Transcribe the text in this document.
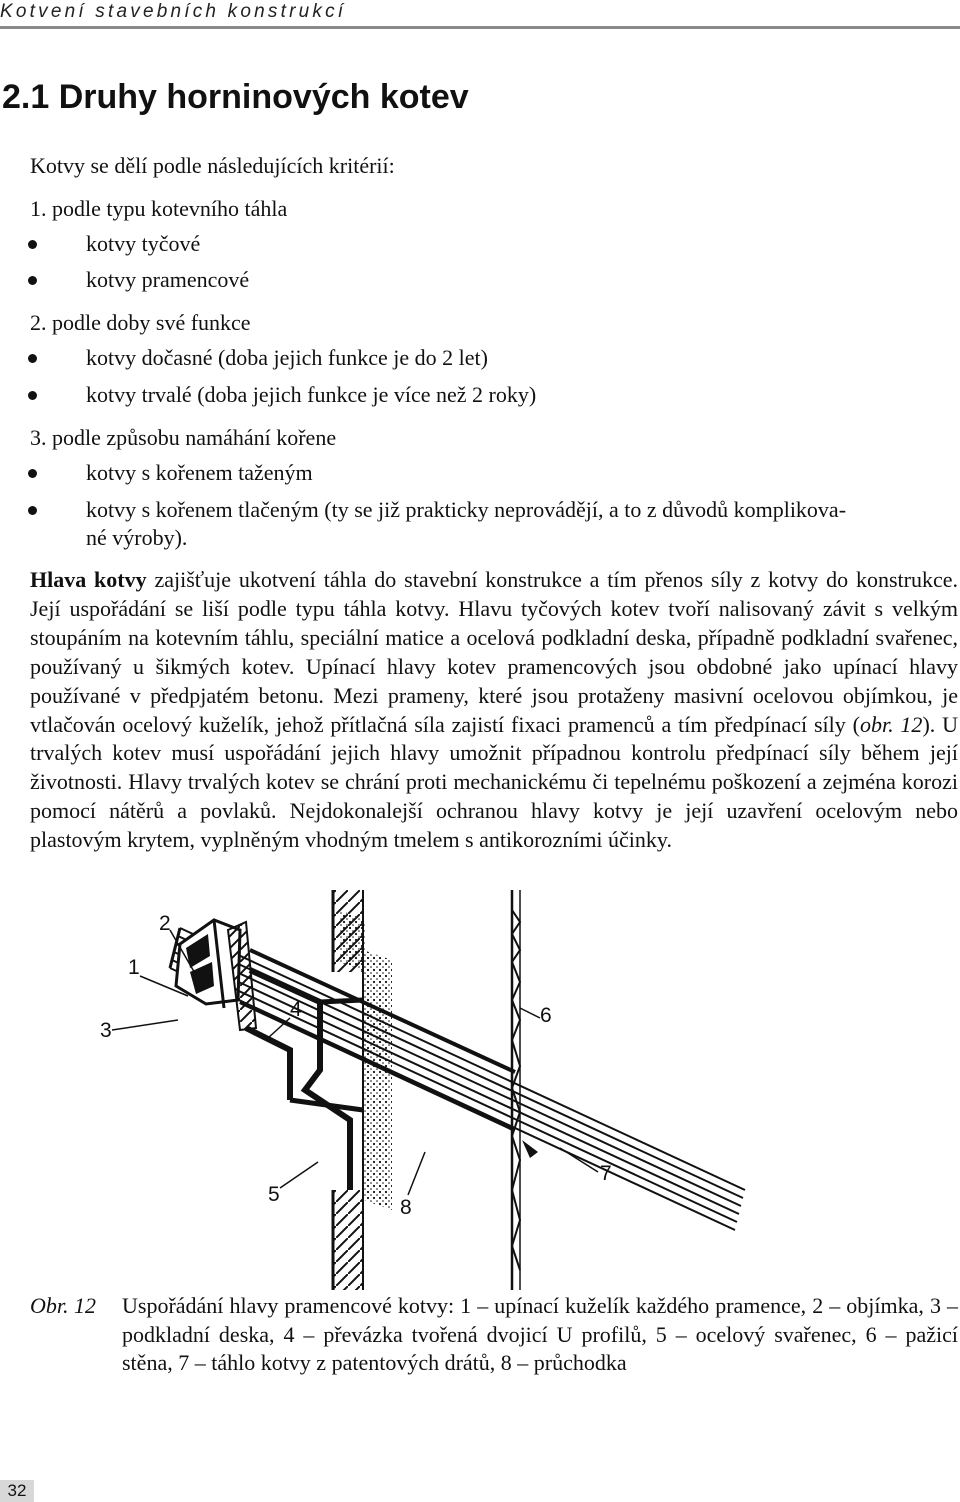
Kotvení stavebních konstrukcí
2.1 Druhy horninových kotev
Kotvy se dělí podle následujících kritérií:
1. podle typu kotevního táhla
kotvy tyčové
kotvy pramencové
2. podle doby své funkce
kotvy dočasné (doba jejich funkce je do 2 let)
kotvy trvalé (doba jejich funkce je více než 2 roky)
3. podle způsobu namáhání kořene
kotvy s kořenem taženým
kotvy s kořenem tlačeným (ty se již prakticky neprovádějí, a to z důvodů komplikova-
né výroby).

Hlava kotvy zajišťuje ukotvení táhla do stavební konstrukce a tím přenos síly z kotvy do konstrukce. Její uspořádání se liší podle typu táhla kotvy. Hlavu tyčových kotev tvoří nalisovaný závit s velkým stoupáním na kotevním táhlu, speciální matice a ocelová podkladní deska, případně podkladní svařenec, používaný u šikmých kotev. Upínací hlavy kotev pramencových jsou obdobné jako upínací hlavy používané v předpjatém betonu. Mezi prameny, které jsou protaženy masivní ocelovou objímkou, je vtlačován ocelový kuželík, jehož přítlačná síla zajistí fixaci pramenců a tím předpínací síly (obr. 12). U trvalých kotev musí uspořádání jejich hlavy umožnit případnou kontrolu předpínací síly během její životnosti. Hlavy trvalých kotev se chrání proti mechanickému či tepelnému poškození a zejména korozi pomocí nátěrů a povlaků. Nejdokonalejší ochranou hlavy kotvy je její uzavření ocelovým nebo plastovým krytem, vyplněným vhodným tmelem s antikorozními účinky.

1
2
3
4
5
6
7
8
Obr. 12 Uspořádání hlavy pramencové kotvy: 1 – upínací kuželík každého pramence, 2 – objímka, 3 – podkladní deska, 4 – převázka tvořená dvojicí U profilů, 5 – ocelový svařenec, 6 – pažicí stěna, 7 – táhlo kotvy z patentových drátů, 8 – průchodka
32
